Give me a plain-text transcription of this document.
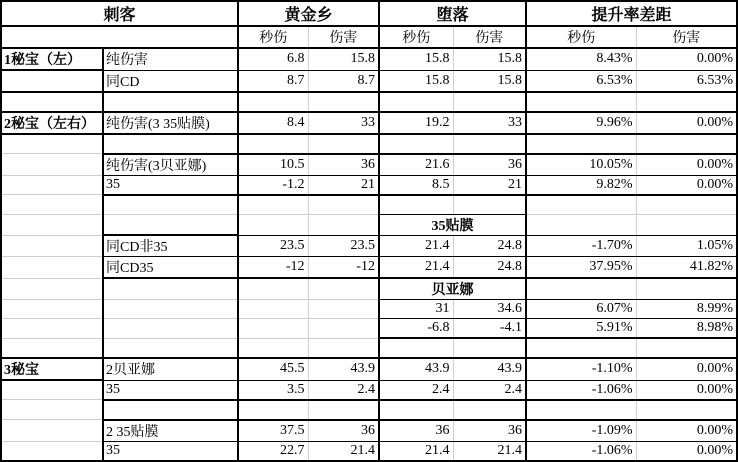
刺客		黄金乡		堕落		提升率差距	
		秒伤	伤害	秒伤	伤害	秒伤	伤害
1秘宝（左）	纯伤害	6.8	15.8	15.8	15.8	8.43%	0.00%
	同CD	8.7	8.7	15.8	15.8	6.53%	6.53%

2秘宝（左右）	纯伤害(3 35贴膜)	8.4	33	19.2	33	9.96%	0.00%

	纯伤害(3贝亚娜)	10.5	36	21.6	36	10.05%	0.00%
	35	-1.2	21	8.5	21	9.82%	0.00%

				35贴膜			
	同CD非35	23.5	23.5	21.4	24.8	-1.70%	1.05%
	同CD35	-12	-12	21.4	24.8	37.95%	41.82%
				贝亚娜			
				31	34.6	6.07%	8.99%
				-6.8	-4.1	5.91%	8.98%

3秘宝	2贝亚娜	45.5	43.9	43.9	43.9	-1.10%	0.00%
	35	3.5	2.4	2.4	2.4	-1.06%	0.00%

	2 35贴膜	37.5	36	36	36	-1.09%	0.00%
	35	22.7	21.4	21.4	21.4	-1.06%	0.00%
